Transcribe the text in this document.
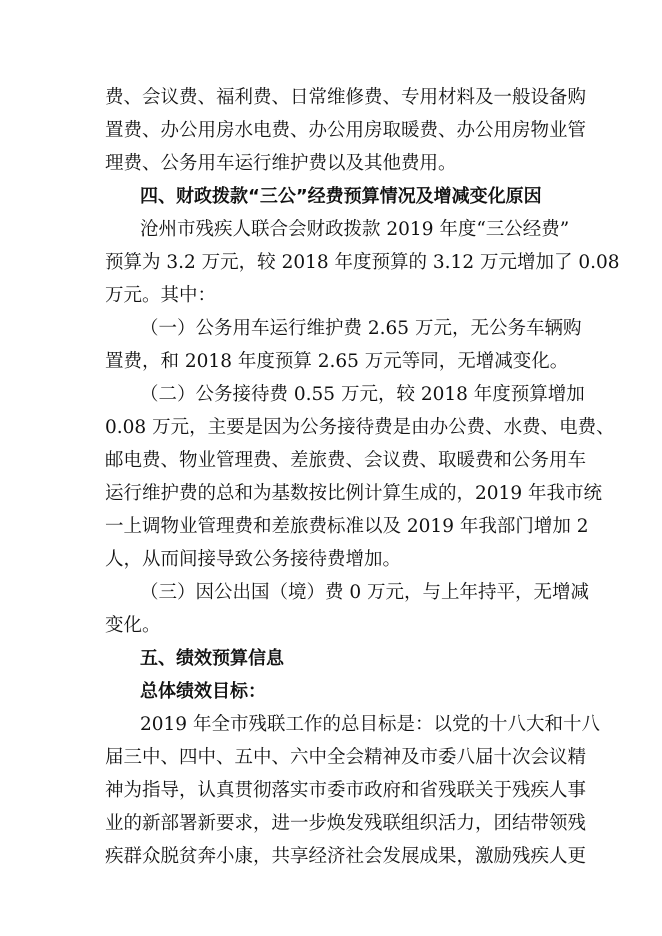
费、会议费、福利费、日常维修费、专用材料及一般设备购
置费、办公用房水电费、办公用房取暖费、办公用房物业管
理费、公务用车运行维护费以及其他费用。
四、财政拨款“三公”经费预算情况及增减变化原因
沧州市残疾人联合会财政拨款 2019 年度“三公经费”
预算为 3.2 万元，较 2018 年度预算的 3.12 万元增加了 0.08
万元。其中：
（一）公务用车运行维护费 2.65 万元，无公务车辆购
置费，和 2018 年度预算 2.65 万元等同，无增减变化。
（二）公务接待费 0.55 万元，较 2018 年度预算增加
0.08 万元，主要是因为公务接待费是由办公费、水费、电费、
邮电费、物业管理费、差旅费、会议费、取暖费和公务用车
运行维护费的总和为基数按比例计算生成的，2019 年我市统
一上调物业管理费和差旅费标准以及 2019 年我部门增加 2
人，从而间接导致公务接待费增加。
（三）因公出国（境）费 0 万元，与上年持平，无增减
变化。
五、绩效预算信息
总体绩效目标：
2019 年全市残联工作的总目标是：以党的十八大和十八
届三中、四中、五中、六中全会精神及市委八届十次会议精
神为指导，认真贯彻落实市委市政府和省残联关于残疾人事
业的新部署新要求，进一步焕发残联组织活力，团结带领残
疾群众脱贫奔小康，共享经济社会发展成果，激励残疾人更
